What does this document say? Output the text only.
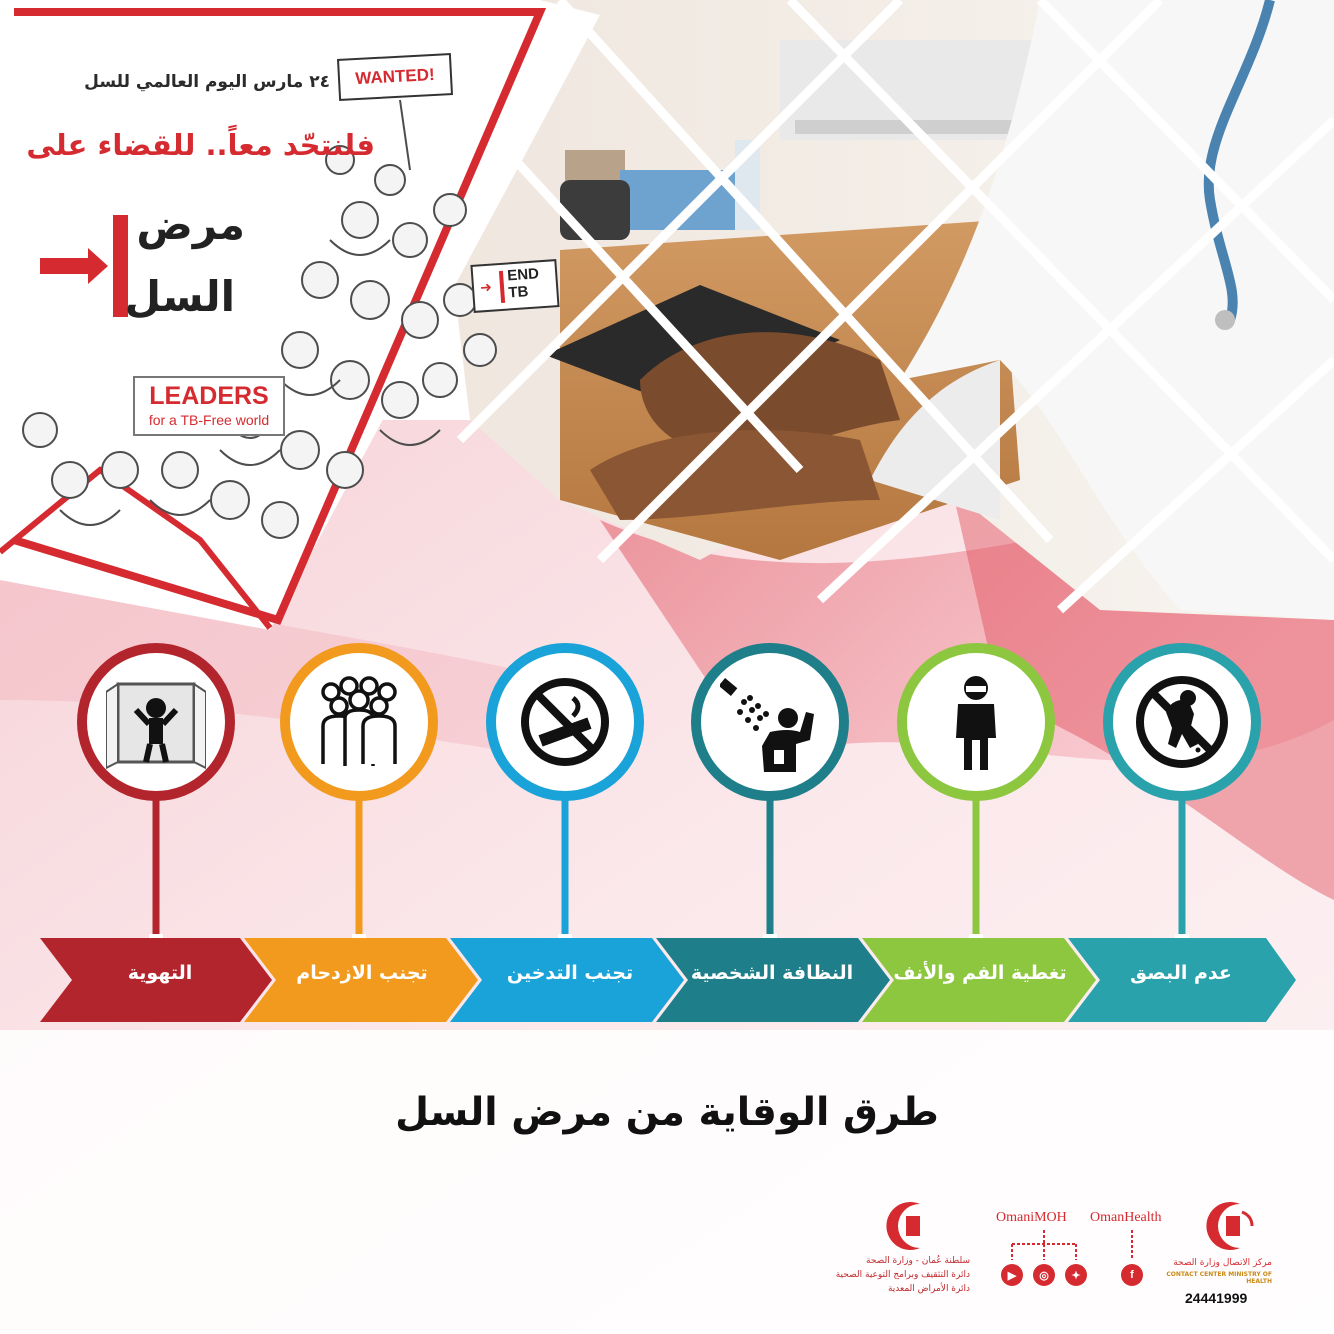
٢٤ مارس اليوم العالمي للسل
فلنتحّد معاً.. للقضاء على
مرض
السل
WANTED!
➜
END
TB
LEADERS
for a TB-Free world
التهوية	تجنب الازدحام	تجنب التدخين	النظافة الشخصية	تغطية الفم والأنف	عدم البصق
طرق الوقاية من مرض السل
سلطنة عُمان - وزارة الصحة
دائرة التثقيف وبرامج التوعية الصحية
دائرة الأمراض المعدية
OmaniMOH OmanHealth
▶	◎	✦	f
مركز الاتصال وزارة الصحة
CONTACT CENTER MINISTRY OF HEALTH
24441999
